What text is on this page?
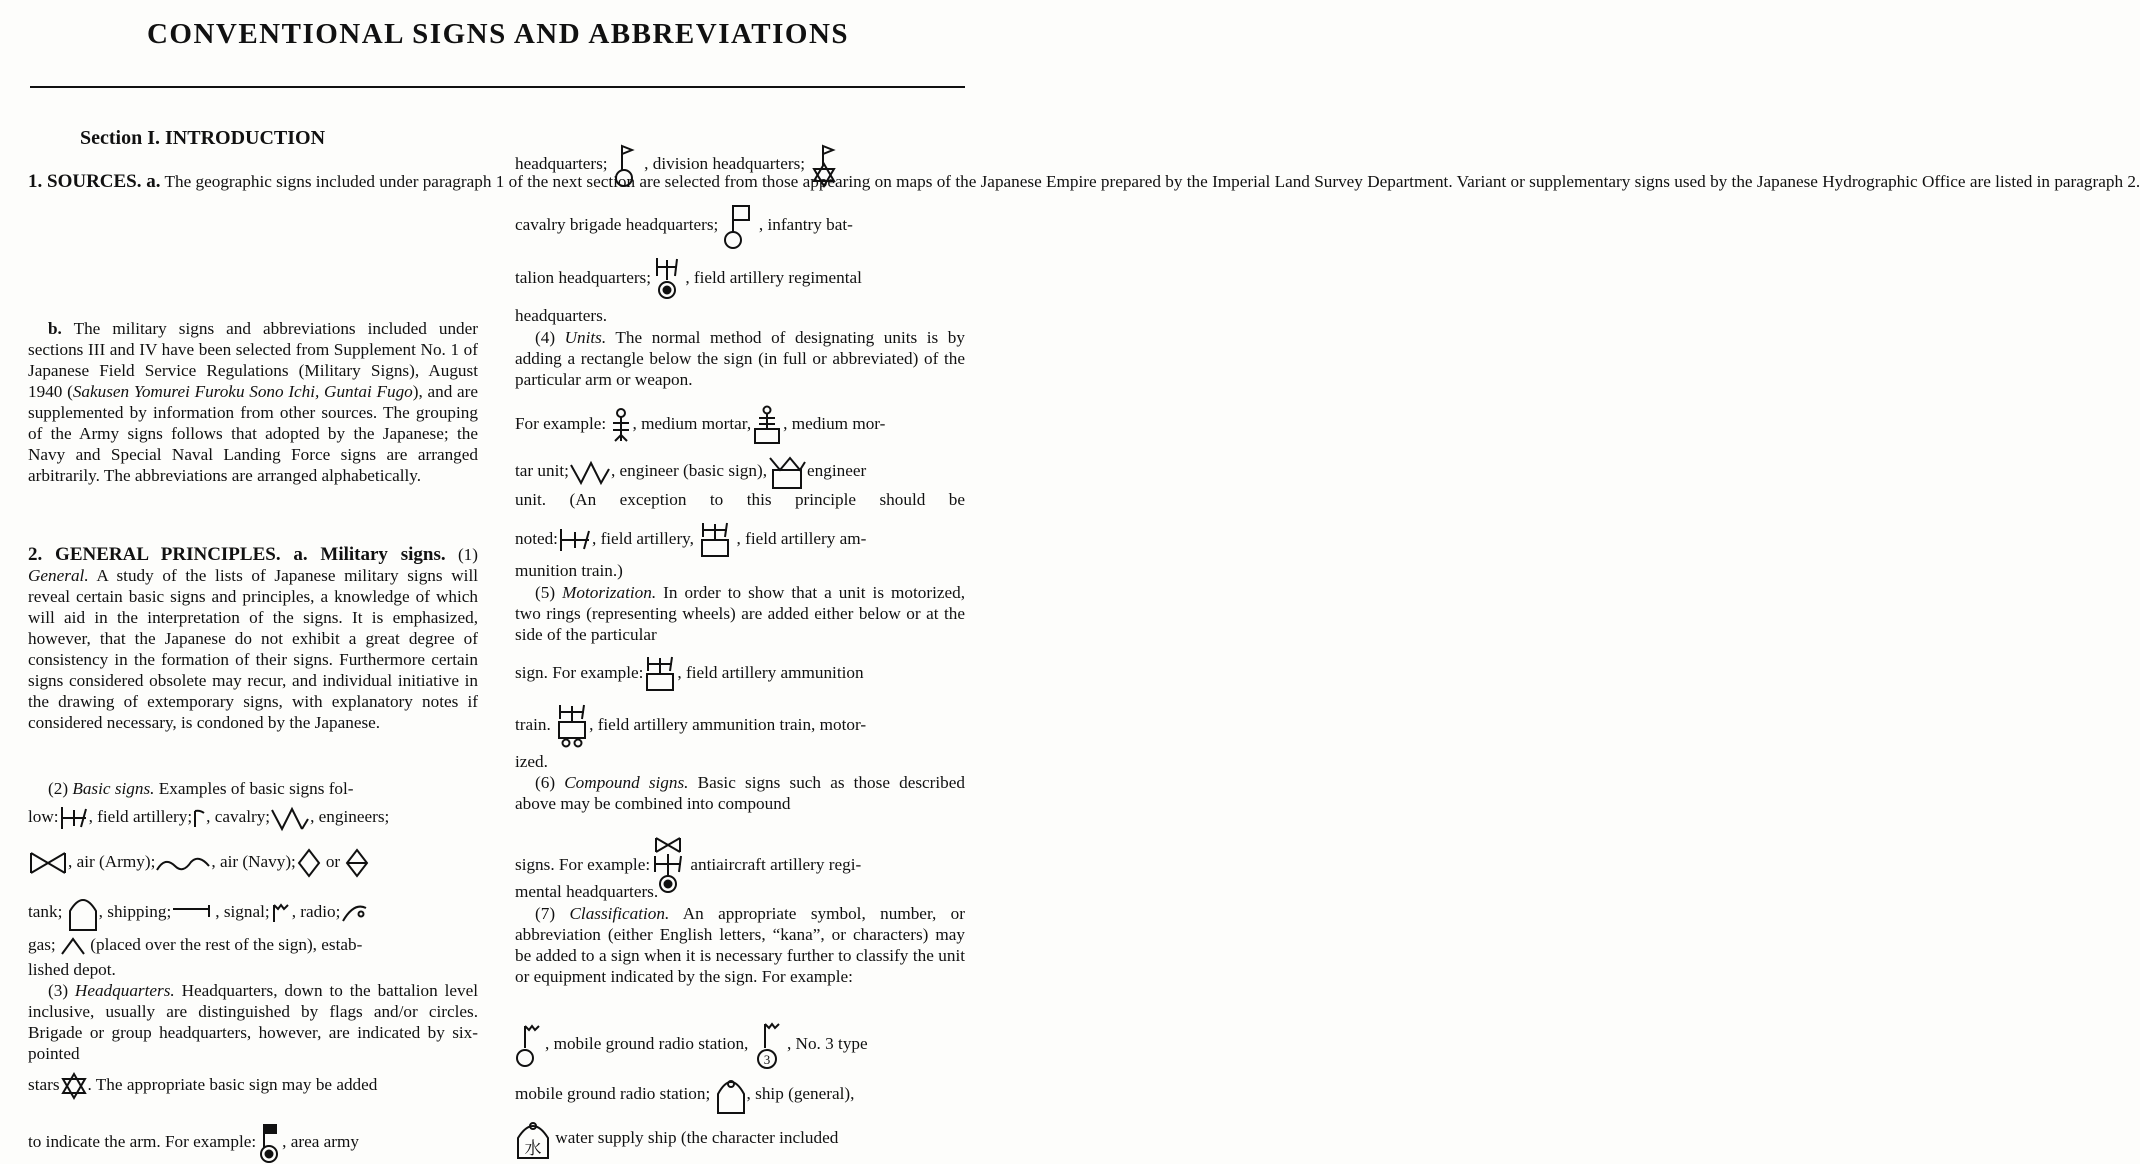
CONVENTIONAL SIGNS AND ABBREVIATIONS
Section I. INTRODUCTION

1. SOURCES. a. The geographic signs included under paragraph 1 of the next section are selected from those appearing on maps of the Japanese Empire prepared by the Imperial Land Survey Department. Variant or supplementary signs used by the Japanese Hydrographic Office are listed in paragraph 2.

b. The military signs and abbreviations included under sections III and IV have been selected from Supplement No. 1 of Japanese Field Service Regulations (Military Signs), August 1940 (Sakusen Yomurei Furoku Sono Ichi, Guntai Fugo), and are supplemented by information from other sources. The grouping of the Army signs follows that adopted by the Japanese; the Navy and Special Naval Landing Force signs are arranged arbitrarily. The abbreviations are arranged alphabetically.

2. GENERAL PRINCIPLES. a. Military signs. (1) General. A study of the lists of Japanese military signs will reveal certain basic signs and principles, a knowledge of which will aid in the interpretation of the signs. It is emphasized, however, that the Japanese do not exhibit a great degree of consistency in the formation of their signs. Furthermore certain signs considered obsolete may recur, and individual initiative in the drawing of extemporary signs, with explanatory notes if considered necessary, is condoned by the Japanese.

(2) Basic signs. Examples of basic signs fol-

low: , field artillery; , cavalry; , engineers;
, air (Army);	, air (Navy); or
tank; , shipping;	, signal; , radio;
gas; (placed over the rest of the sign), estab-
lished depot.

(3) Headquarters. Headquarters, down to the battalion level inclusive, usually are distinguished by flags and/or circles. Brigade or group headquarters, however, are indicated by six-pointed

stars . The appropriate basic sign may be added
to indicate the arm. For example: , area army
headquarters; , division headquarters;
cavalry brigade headquarters; , infantry bat-
talion headquarters; , field artillery regimental
headquarters.

(4) Units. The normal method of designating units is by adding a rectangle below the sign (in full or abbreviated) of the particular arm or weapon.

For example: , medium mortar, , medium mor-
tar unit; , engineer (basic sign), engineer
unit. (An exception to this principle should be
noted: , field artillery, , field artillery am-
munition train.)

(5) Motorization. In order to show that a unit is motorized, two rings (representing wheels) are added either below or at the side of the particular

sign. For example: , field artillery ammunition
train. , field artillery ammunition train, motor-
ized.

(6) Compound signs. Basic signs such as those described above may be combined into compound

signs. For example: antiaircraft artillery regi-
mental headquarters.

(7) Classification. An appropriate symbol, number, or abbreviation (either English letters, “kana”, or characters) may be added to a sign when it is necessary further to classify the unit or equipment indicated by the sign. For example:

, mobile ground radio station,
3
, No. 3 type
mobile ground radio station; , ship (general),
水
water supply ship (the character included
